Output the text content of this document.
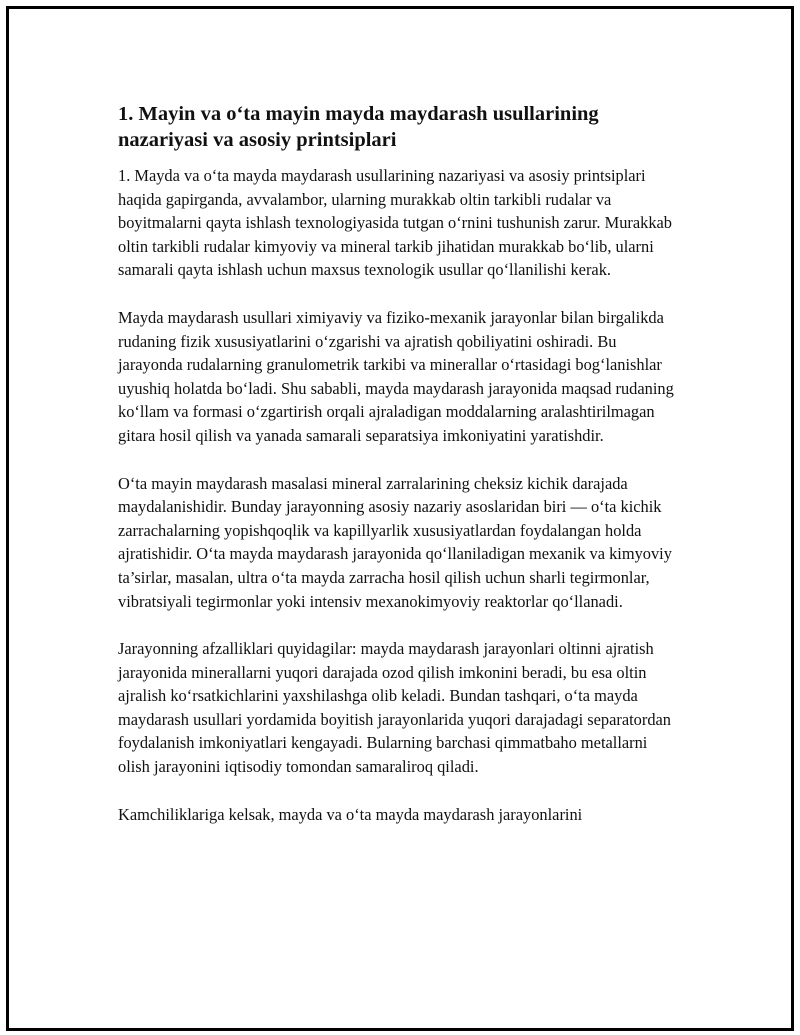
1. Mayin va o‘ta mayin mayda maydarash usullarining nazariyasi va asosiy printsiplari

1. Mayda va o‘ta mayda maydarash usullarining nazariyasi va asosiy printsiplari haqida gapirganda, avvalambor, ularning murakkab oltin tarkibli rudalar va boyitmalarni qayta ishlash texnologiyasida tutgan o‘rnini tushunish zarur. Murakkab oltin tarkibli rudalar kimyoviy va mineral tarkib jihatidan murakkab bo‘lib, ularni samarali qayta ishlash uchun maxsus texnologik usullar qo‘llanilishi kerak.

Mayda maydarash usullari ximiyaviy va fiziko-mexanik jarayonlar bilan birgalikda rudaning fizik xususiyatlarini o‘zgarishi va ajratish qobiliyatini oshiradi. Bu jarayonda rudalarning granulometrik tarkibi va minerallar o‘rtasidagi bog‘lanishlar uyushiq holatda bo‘ladi. Shu sababli, mayda maydarash jarayonida maqsad rudaning ko‘llam va formasi o‘zgartirish orqali ajraladigan moddalarning aralashtirilmagan gitara hosil qilish va yanada samarali separatsiya imkoniyatini yaratishdir.

O‘ta mayin maydarash masalasi mineral zarralarining cheksiz kichik darajada maydalanishidir. Bunday jarayonning asosiy nazariy asoslaridan biri — o‘ta kichik zarrachalarning yopishqoqlik va kapillyarlik xususiyatlardan foydalangan holda ajratishidir. O‘ta mayda maydarash jarayonida qo‘llaniladigan mexanik va kimyoviy ta’sirlar, masalan, ultra o‘ta mayda zarracha hosil qilish uchun sharli tegirmonlar, vibratsiyali tegirmonlar yoki intensiv mexanokimyoviy reaktorlar qo‘llanadi.

Jarayonning afzalliklari quyidagilar: mayda maydarash jarayonlari oltinni ajratish jarayonida minerallarni yuqori darajada ozod qilish imkonini beradi, bu esa oltin ajralish ko‘rsatkichlarini yaxshilashga olib keladi. Bundan tashqari, o‘ta mayda maydarash usullari yordamida boyitish jarayonlarida yuqori darajadagi separatordan foydalanish imkoniyatlari kengayadi. Bularning barchasi qimmatbaho metallarni olish jarayonini iqtisodiy tomondan samaraliroq qiladi.

Kamchiliklariga kelsak, mayda va o‘ta mayda maydarash jarayonlarini
